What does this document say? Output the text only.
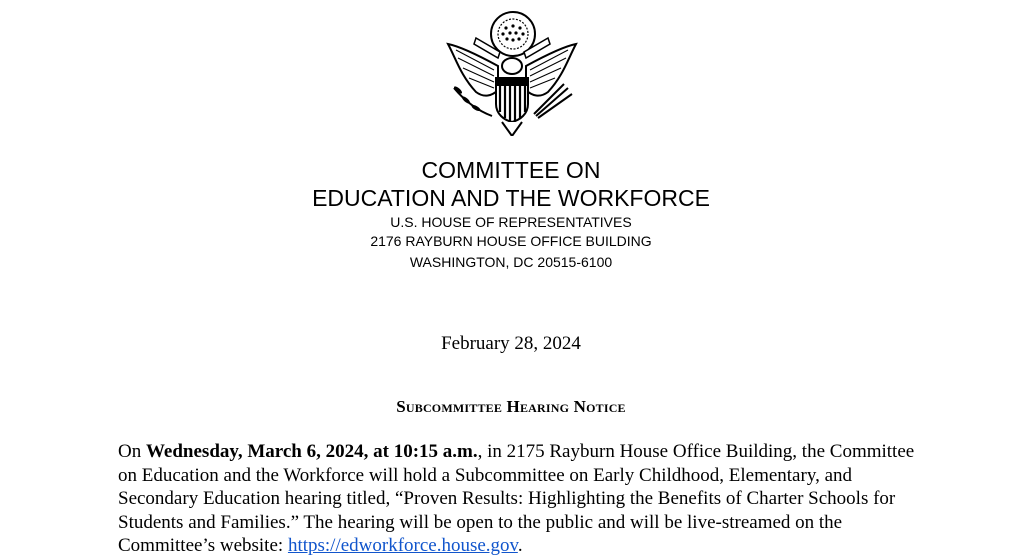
COMMITTEE ON
EDUCATION AND THE WORKFORCE
U.S. HOUSE OF REPRESENTATIVES
2176 RAYBURN HOUSE OFFICE BUILDING
WASHINGTON, DC 20515-6100
February 28, 2024
Subcommittee Hearing Notice

On Wednesday, March 6, 2024, at 10:15 a.m., in 2175 Rayburn House Office Building, the Committee on Education and the Workforce will hold a Subcommittee on Early Childhood, Elementary, and Secondary Education hearing titled, “Proven Results: Highlighting the Benefits of Charter Schools for Students and Families.” The hearing will be open to the public and will be live-streamed on the Committee’s website: https://edworkforce.house.gov.
